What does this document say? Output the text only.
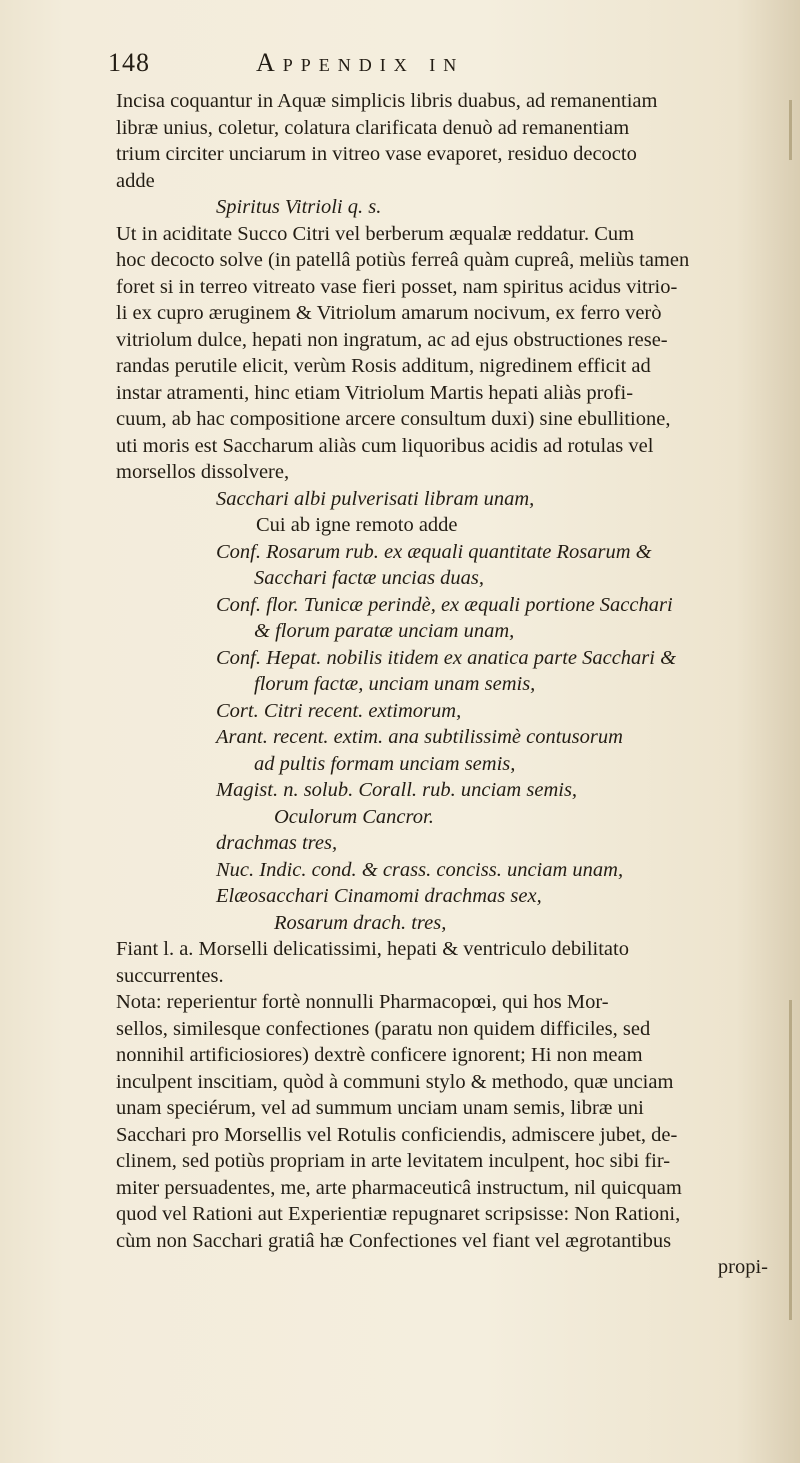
148	Appendix in
Incisa coquantur in Aquæ simplicis libris duabus, ad remanentiam
libræ unius, coletur, colatura clarificata denuò ad remanentiam
trium circiter unciarum in vitreo vase evaporet, residuo decocto
adde
Spiritus Vitrioli q. s.
Ut in aciditate Succo Citri vel berberum æqualæ reddatur. Cum
hoc decocto solve (in patellâ potiùs ferreâ quàm cupreâ, meliùs tamen
foret si in terreo vitreato vase fieri posset, nam spiritus acidus vitrio-
li ex cupro æruginem & Vitriolum amarum nocivum, ex ferro verò
vitriolum dulce, hepati non ingratum, ac ad ejus obstructiones rese-
randas perutile elicit, verùm Rosis additum, nigredinem efficit ad
instar atramenti, hinc etiam Vitriolum Martis hepati aliàs profi-
cuum, ab hac compositione arcere consultum duxi) sine ebullitione,
uti moris est Saccharum aliàs cum liquoribus acidis ad rotulas vel
morsellos dissolvere,
Sacchari albi pulverisati libram unam,
Cui ab igne remoto adde
Conf. Rosarum rub. ex æquali quantitate Rosarum &
Sacchari factæ uncias duas,
Conf. flor. Tunicæ perindè, ex æquali portione Sacchari
& florum paratæ unciam unam,
Conf. Hepat. nobilis itidem ex anatica parte Sacchari &
florum factæ, unciam unam semis,
Cort. Citri recent. extimorum,
Arant. recent. extim. ana subtilissimè contusorum
ad pultis formam unciam semis,
Magist. n. solub. Corall. rub. unciam semis,
Oculorum Cancror.
drachmas tres,
Nuc. Indic. cond. & crass. conciss. unciam unam,
Elæosacchari Cinamomi drachmas sex,
Rosarum drach. tres,
Fiant l. a. Morselli delicatissimi, hepati & ventriculo debilitato
succurrentes.
Nota: reperientur fortè nonnulli Pharmacopœi, qui hos Mor-
sellos, similesque confectiones (paratu non quidem difficiles, sed
nonnihil artificiosiores) dextrè conficere ignorent; Hi non meam
inculpent inscitiam, quòd à communi stylo & methodo, quæ unciam
unam speciérum, vel ad summum unciam unam semis, libræ uni
Sacchari pro Morsellis vel Rotulis conficiendis, admiscere jubet, de-
clinem, sed potiùs propriam in arte levitatem inculpent, hoc sibi fir-
miter persuadentes, me, arte pharmaceuticâ instructum, nil quicquam
quod vel Rationi aut Experientiæ repugnaret scripsisse: Non Rationi,
cùm non Sacchari gratiâ hæ Confectiones vel fiant vel ægrotantibus
propi-
